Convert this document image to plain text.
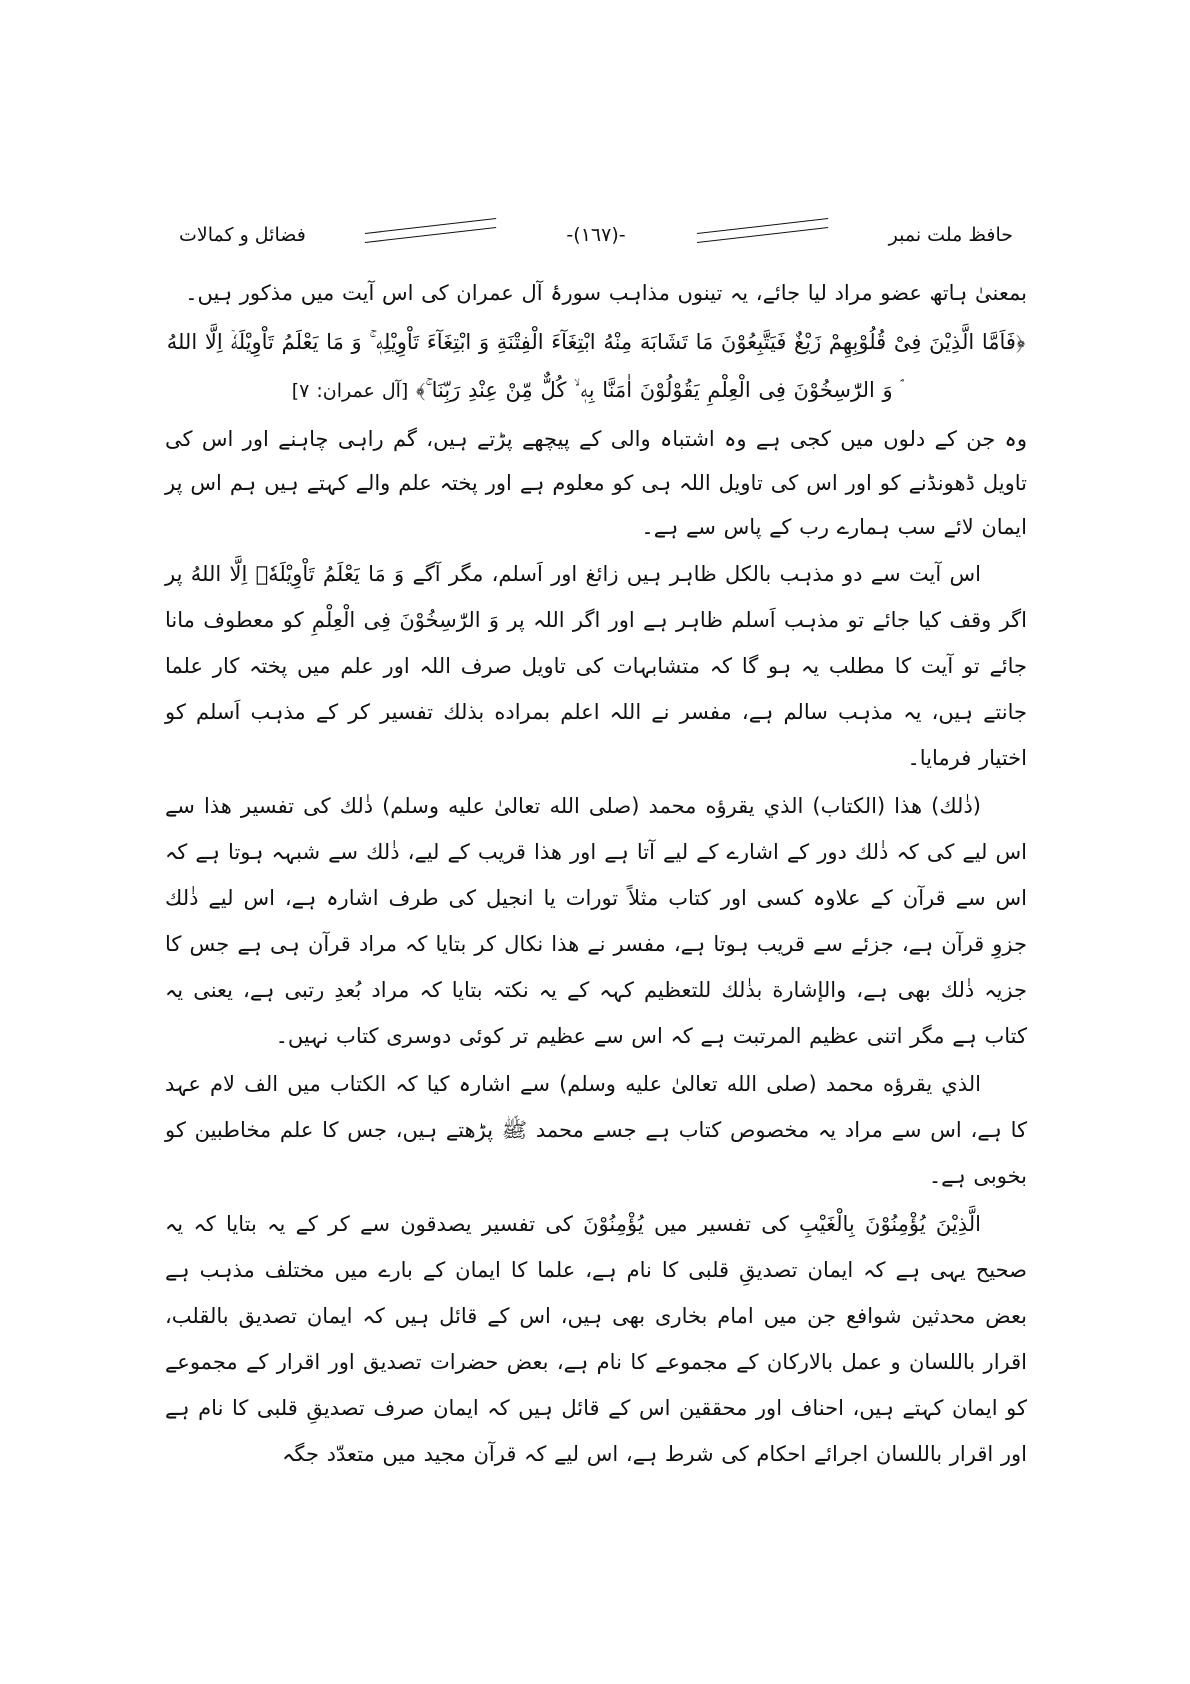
حافظ ملت نمبر
-(١٦٧)-
فضائل و کمالات

بمعنیٰ ہاتھ عضو مراد لیا جائے، یہ تینوں مذاہب سورۂ آل عمران کی اس آیت میں مذکور ہیں۔

﴿فَاَمَّا الَّذِیْنَ فِیْ قُلُوْبِهِمْ زَیْغٌ فَیَتَّبِعُوْنَ مَا تَشَابَهَ مِنْهُ ابْتِغَآءَ الْفِتْنَةِ وَ ابْتِغَآءَ تَاْوِیْلِهٖ ۚ وَ مَا یَعْلَمُ تَاْوِیْلَهٗۤ اِلَّا اللهُ ۘ وَ الرّٰسِخُوْنَ فِی الْعِلْمِ یَقُوْلُوْنَ اٰمَنَّا بِهٖ ۙ کُلٌّ مِّنْ عِنْدِ رَبِّنَا ۚ﴾ [آل عمران: ٧]

وہ جن کے دلوں میں کجی ہے وہ اشتباہ والی کے پیچھے پڑتے ہیں، گم راہی چاہنے اور اس کی تاویل ڈھونڈنے کو اور اس کی تاویل اللہ ہی کو معلوم ہے اور پختہ علم والے کہتے ہیں ہم اس پر ایمان لائے سب ہمارے رب کے پاس سے ہے۔

اس آیت سے دو مذہب بالکل ظاہر ہیں زائغ اور اَسلم، مگر آگے وَ مَا یَعْلَمُ تَاْوِیْلَهٗۤ اِلَّا اللهُ پر اگر وقف کیا جائے تو مذہب اَسلم ظاہر ہے اور اگر اللہ پر وَ الرّٰسِخُوْنَ فِی الْعِلْمِ کو معطوف مانا جائے تو آیت کا مطلب یہ ہو گا کہ متشابہات کی تاویل صرف اللہ اور علم میں پختہ کار علما جانتے ہیں، یہ مذہب سالم ہے، مفسر نے اللہ اعلم بمراده بذلك تفسیر کر کے مذہب اَسلم کو اختیار فرمایا۔

(ذٰلك) هذا (الكتاب) الذي يقرؤه محمد (صلى الله تعالىٰ عليه وسلم) ذٰلك کی تفسیر ھذا سے اس لیے کی کہ ذٰلك دور کے اشارے کے لیے آتا ہے اور ھذا قریب کے لیے، ذٰلك سے شبہہ ہوتا ہے کہ اس سے قرآن کے علاوہ کسی اور کتاب مثلاً تورات یا انجیل کی طرف اشارہ ہے، اس لیے ذٰلك جزوِ قرآن ہے، جزئے سے قریب ہوتا ہے، مفسر نے ھذا نکال کر بتایا کہ مراد قرآن ہی ہے جس کا جزیہ ذٰلك بھی ہے، والإشارة بذٰلك للتعظیم کہہ کے یہ نکتہ بتایا کہ مراد بُعدِ رتبی ہے، یعنی یہ کتاب ہے مگر اتنی عظیم المرتبت ہے کہ اس سے عظیم تر کوئی دوسری کتاب نہیں۔

الذي يقرؤه محمد (صلى الله تعالىٰ عليه وسلم) سے اشارہ کیا کہ الكتاب میں الف لام عہد کا ہے، اس سے مراد یہ مخصوص کتاب ہے جسے محمد ﷺ پڑھتے ہیں، جس کا علم مخاطبین کو بخوبی ہے۔

الَّذِیْنَ یُؤْمِنُوْنَ بِالْغَیْبِ کی تفسیر میں یُؤْمِنُوْنَ کی تفسیر یصدقون سے کر کے یہ بتایا کہ یہ صحیح یہی ہے کہ ایمان تصدیقِ قلبی کا نام ہے، علما کا ایمان کے بارے میں مختلف مذہب ہے بعض محدثین شوافع جن میں امام بخاری بھی ہیں، اس کے قائل ہیں کہ ایمان تصدیق بالقلب، اقرار باللسان و عمل بالارکان کے مجموعے کا نام ہے، بعض حضرات تصدیق اور اقرار کے مجموعے کو ایمان کہتے ہیں، احناف اور محققین اس کے قائل ہیں کہ ایمان صرف تصدیقِ قلبی کا نام ہے اور اقرار باللسان اجرائے احکام کی شرط ہے، اس لیے کہ قرآن مجید میں متعدّد جگہ
